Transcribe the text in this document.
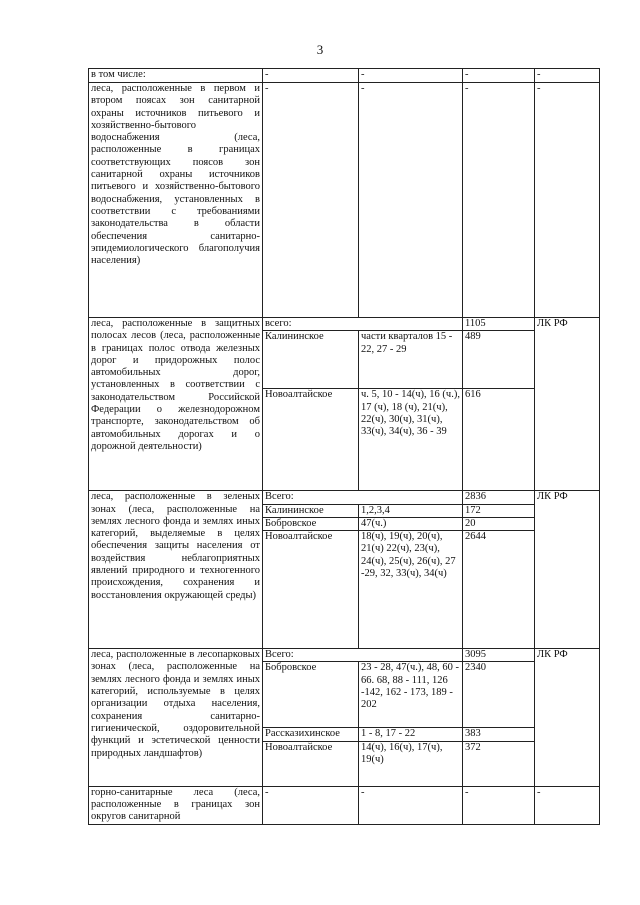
3
в том числе:	-	-	-	-
леса, расположенные в первом и втором поясах зон санитарной охраны источников питьевого и хозяйственно-бытового водоснабжения (леса, расположенные в границах соответствующих поясов зон санитарной охраны источников питьевого и хозяйственно-бытового водоснабжения, установленных в соответствии с требованиями законодательства в области обеспечения санитарно-эпидемиологического благополучия населения)	-	-	-	-
леса, расположенные в защитных полосах лесов (леса, расположенные в границах полос отвода железных дорог и придорожных полос автомобильных дорог, установленных в соответствии с законодательством Российской Федерации о железнодорожном транспорте, законодательством об автомобильных дорогах и о дорожной деятельности)	всего:		1105	ЛК РФ
	Калининское	части кварталов 15 - 22, 27 - 29	489	
	Новоалтайское	ч. 5, 10 - 14(ч), 16 (ч.), 17 (ч), 18 (ч), 21(ч), 22(ч), 30(ч), 31(ч), 33(ч), 34(ч), 36 - 39	616	
леса, расположенные в зеленых зонах (леса, расположенные на землях лесного фонда и землях иных категорий, выделяемые в целях обеспечения защиты населения от воздействия неблагоприятных явлений природного и техногенного происхождения, сохранения и восстановления окружающей среды)	Всего:		2836	ЛК РФ
	Калининское	1,2,3,4	172	
	Бобровское	47(ч.)	20	
	Новоалтайское	18(ч), 19(ч), 20(ч), 21(ч) 22(ч), 23(ч), 24(ч), 25(ч), 26(ч), 27 -29, 32, 33(ч), 34(ч)	2644	
леса, расположенные в лесопарковых зонах (леса, расположенные на землях лесного фонда и землях иных категорий, используемые в целях организации отдыха населения, сохранения санитарно-гигиенической, оздоровительной функций и эстетической ценности природных ландшафтов)	Всего:		3095	ЛК РФ
	Бобровское	23 - 28, 47(ч.), 48, 60 - 66. 68, 88 - 111, 126 -142, 162 - 173, 189 - 202	2340	
	Рассказихинское	1 - 8, 17 - 22	383	
	Новоалтайское	14(ч), 16(ч), 17(ч), 19(ч)	372	
горно-санитарные леса (леса, расположенные в границах зон округов санитарной	-	-	-	-
